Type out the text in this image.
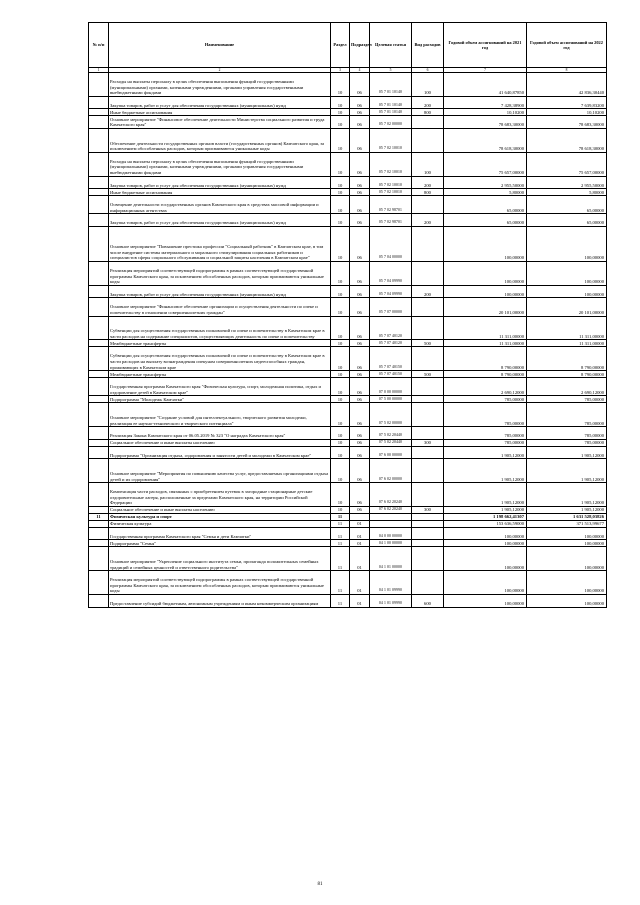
№ п/п	Наименование	Раздел	Подраздел	Целевая статья	Вид расходов	Годовой объем ассигнований на 2021 год	Годовой объем ассигнований на 2022 год
1	2	3	4	5	6	7	8
	Расходы на выплаты персоналу в целях обеспечения выполнения функций государственными (муниципальными) органами, казенными учреждениями, органами управления государственными внебюджетными фондами	10	06	05 7 01 10140	100	41 640,87850	42 836,30440
	Закупка товаров, работ и услуг для обеспечения государственных (муниципальных) нужд	10	06	05 7 01 10140	200	7 428,38900	7 639,83200
	Иные бюджетные ассигнования	10	06	05 7 01 10140	800	10,10200	10,10200
	Основное мероприятие "Финансовое обеспечение деятельности Министерства социального развития и труда Камчатского края"	10	06	05 7 02 00000		78 683,30000	78 683,30000
	Обеспечение деятельности государственных органов власти (государственных органов) Камчатского края, за исключением обособленных расходов, которым присваиваются уникальные коды	10	06	05 7 02 10010		78 618,30000	78 618,30000
	Расходы на выплаты персоналу в целях обеспечения выполнения функций государственными (муниципальными) органами, казенными учреждениями, органами управления государственными внебюджетными фондами	10	06	05 7 02 10010	100	75 657,00000	75 657,00000
	Закупка товаров, работ и услуг для обеспечения государственных (муниципальных) нужд	10	06	05 7 02 10010	200	2 955,50000	2 955,50000
	Иные бюджетные ассигнования	10	06	05 7 02 10010	800	5,80000	5,80000
	Освещение деятельности государственных органов Камчатского края в средствах массовой информации и информационных агентствах	10	06	05 7 02 98701		65,00000	65,00000
	Закупка товаров, работ и услуг для обеспечения государственных (муниципальных) нужд	10	06	05 7 02 98701	200	65,00000	65,00000
	Основное мероприятие "Повышение престижа профессии "Социальный работник" в Камчатском крае, в том числе внедрение системы материального и морального стимулирования социальных работников и специалистов сферы социального обслуживания и социальной защиты населения в Камчатском крае"	10	06	05 7 04 00000		100,00000	100,00000
	Реализация мероприятий соответствующей подпрограммы в рамках соответствующей государственной программы Камчатского края, за исключением обособленных расходов, которым присваиваются уникальные коды	10	06	05 7 04 09990		100,00000	100,00000
	Закупка товаров, работ и услуг для обеспечения государственных (муниципальных) нужд	10	06	05 7 04 09990	200	100,00000	100,00000
	Основное мероприятие "Финансовое обеспечение организации и осуществления деятельности по опеке и попечительству в отношении совершеннолетних граждан"	10	06	05 7 07 00000		20 101,00000	20 101,00000
	Субвенции для осуществления государственных полномочий по опеке и попечительству в Камчатском крае в части расходов на содержание специалистов, осуществляющих деятельность по опеке и попечительству	10	06	05 7 07 40120		11 311,00000	11 311,00000
	Межбюджетные трансферты	10	06	05 7 07 40120	500	11 311,00000	11 311,00000
	Субвенции для осуществления государственных полномочий по опеке и попечительству в Камчатском крае в части расходов на выплату вознаграждения опекунам совершеннолетних недееспособных граждан, проживающих в Камчатском крае	10	06	05 7 07 40150		8 790,00000	8 790,00000
	Межбюджетные трансферты	10	06	05 7 07 40150	500	8 790,00000	8 790,00000
	Государственная программа Камчатского края "Физическая культура, спорт, молодежная политика, отдых и оздоровление детей в Камчатском крае"	10	06	07 0 00 00000		2 690,12000	2 690,12000
	Подпрограмма "Молодежь Камчатки"	10	06	07 5 00 00000		785,00000	785,00000
	Основное мероприятие "Создание условий для интеллектуального, творческого развития молодежи, реализация ее научно-технического и творческого потенциала"	10	06	07 5 02 00000		785,00000	785,00000
	Реализация Закона Камчатского края от 06.05.2019 № 323 "О наградах Камчатского края"	10	06	07 5 02 20440		785,00000	785,00000
	Социальное обеспечение и иные выплаты населению	10	06	07 5 02 20440	300	785,00000	785,00000
	Подпрограмма "Организация отдыха, оздоровления и занятости детей и молодежи в Камчатском крае"	10	06	07 6 00 00000		1 905,12000	1 905,12000
	Основное мероприятие "Мероприятия по повышению качества услуг, предоставляемых организациями отдыха детей и их оздоровления"	10	06	07 6 02 00000		1 905,12000	1 905,12000
	Компенсация части расходов, связанных с приобретением путевок в загородные стационарные детские оздоровительные лагеря, расположенные за пределами Камчатского края, на территории Российской Федерации	10	06	07 6 02 20240		1 905,12000	1 905,12000
	Социальное обеспечение и иные выплаты населению	10	06	07 6 02 20240	300	1 905,12000	1 905,12000
11	Физическая культура и спорт	11				1 198 662,41307	1 631 528,03826
	Физическая культура	11	01			153 636,59000	371 513,99677
	Государственная программа Камчатского края "Семья и дети Камчатки"	11	01	04 0 00 00000		100,00000	100,00000
	Подпрограмма "Семья"	11	01	04 1 00 00000		100,00000	100,00000
	Основное мероприятие "Укрепление социального института семьи, пропаганда положительных семейных традиций и семейных ценностей и ответственного родительства"	11	01	04 1 01 00000		100,00000	100,00000
	Реализация мероприятий соответствующей подпрограммы в рамках соответствующей государственной программы Камчатского края, за исключением обособленных расходов, которым присваиваются уникальные коды	11	01	04 1 01 09990		100,00000	100,00000
	Предоставление субсидий бюджетным, автономным учреждениям и иным некоммерческим организациям	11	01	04 1 01 09990	600	100,00000	100,00000
81
